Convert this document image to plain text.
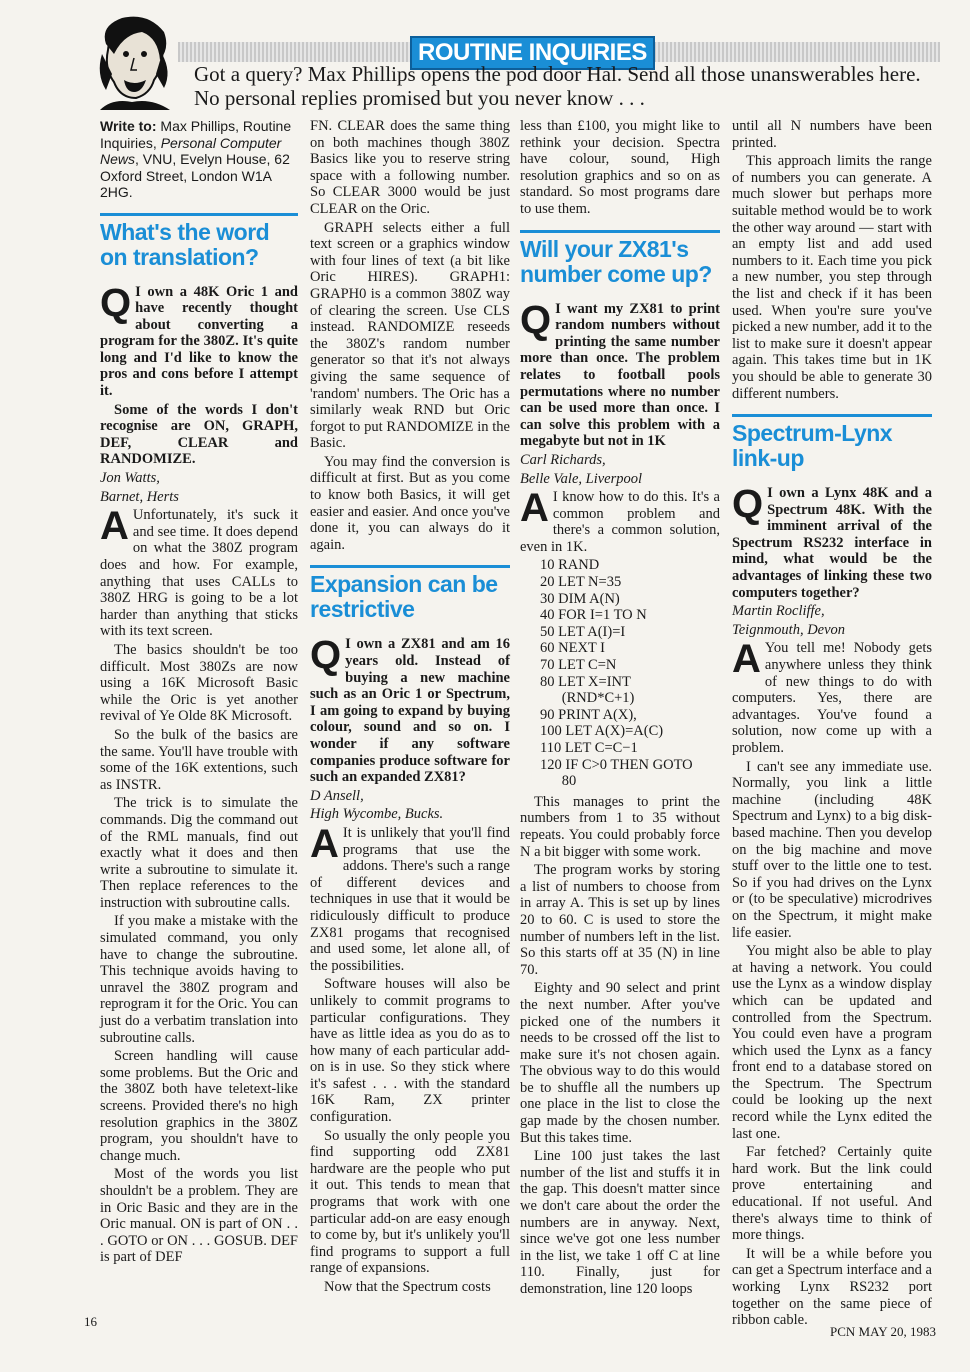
ROUTINE INQUIRIES
Got a query? Max Phillips opens the pod door Hal. Send all those unanswerables here.
No personal replies promised but you never know . . .

Write to: Max Phillips, Routine Inquiries, Personal Computer News, VNU, Evelyn House, 62 Oxford Street, London W1A 2HG.

What's the word on translation?

Q I own a 48K Oric 1 and have recently thought about converting a program for the 380Z. It's quite long and I'd like to know the pros and cons before I attempt it.

Some of the words I don't recognise are ON, GRAPH, DEF, CLEAR and RANDOMIZE.

Jon Watts,

Barnet, Herts

A Unfortunately, it's suck it and see time. It does depend on what the 380Z program does and how. For example, anything that uses CALLs to 380Z HRG is going to be a lot harder than anything that sticks with its text screen.

The basics shouldn't be too difficult. Most 380Zs are now using a 16K Microsoft Basic while the Oric is yet another revival of Ye Olde 8K Microsoft.

So the bulk of the basics are the same. You'll have trouble with some of the 16K extentions, such as INSTR.

The trick is to simulate the commands. Dig the command out of the RML manuals, find out exactly what it does and then write a subroutine to simulate it. Then replace references to the instruction with subroutine calls.

If you make a mistake with the simulated command, you only have to change the subroutine. This technique avoids having to unravel the 380Z program and reprogram it for the Oric. You can just do a verbatim translation into subroutine calls.

Screen handling will cause some problems. But the Oric and the 380Z both have teletext-like screens. Provided there's no high resolution graphics in the 380Z program, you shouldn't have to change much.

Most of the words you list shouldn't be a problem. They are in Oric Basic and they are in the Oric manual. ON is part of ON . . . GOTO or ON . . . GOSUB. DEF is part of DEF

FN. CLEAR does the same thing on both machines though 380Z Basics like you to reserve string space with a following number. So CLEAR 3000 would be just CLEAR on the Oric.

GRAPH selects either a full text screen or a graphics window with four lines of text (a bit like Oric HIRES). GRAPH1: GRAPH0 is a common 380Z way of clearing the screen. Use CLS instead. RANDOMIZE reseeds the 380Z's random number generator so that it's not always giving the same sequence of 'random' numbers. The Oric has a similarly weak RND but Oric forgot to put RANDOMIZE in the Basic.

You may find the conversion is difficult at first. But as you come to know both Basics, it will get easier and easier. And once you've done it, you can always do it again.

Expansion can be restrictive

Q I own a ZX81 and am 16 years old. Instead of buying a new machine such as an Oric 1 or Spectrum, I am going to expand by buying colour, sound and so on. I wonder if any software companies produce software for such an expanded ZX81?

D Ansell,

High Wycombe, Bucks.

A It is unlikely that you'll find programs that use the addons. There's such a range of different devices and techniques in use that it would be ridiculously difficult to produce ZX81 progams that recognised and used some, let alone all, of the possibilities.

Software houses will also be unlikely to commit programs to particular configurations. They have as little idea as you do as to how many of each particular add-on is in use. So they stick where it's safest . . . with the standard 16K Ram, ZX printer configuration.

So usually the only people you find supporting odd ZX81 hardware are the people who put it out. This tends to mean that programs that work with one particular add-on are easy enough to come by, but it's unlikely you'll find programs to support a full range of expansions.

Now that the Spectrum costs

less than £100, you might like to rethink your decision. Spectra have colour, sound, High resolution graphics and so on as standard. So most programs dare to use them.

Will your ZX81's number come up?

Q I want my ZX81 to print random numbers without printing the same number more than once. The problem relates to football pools permutations where no number can be used more than once. I can solve this problem with a megabyte but not in 1K

Carl Richards,

Belle Vale, Liverpool

A I know how to do this. It's a common problem and there's a common solution, even in 1K.

10 RAND
20 LET N=35
30 DIM A(N)
40 FOR I=1 TO N
50 LET A(I)=I
60 NEXT I
70 LET C=N
80 LET X=INT
(RND*C+1)
90 PRINT A(X),
100 LET A(X)=A(C)
110 LET C=C−1
120 IF C>0 THEN GOTO
80

This manages to print the numbers from 1 to 35 without repeats. You could probably force N a bit bigger with some work.

The program works by storing a list of numbers to choose from in array A. This is set up by lines 20 to 60. C is used to store the number of numbers left in the list. So this starts off at 35 (N) in line 70.

Eighty and 90 select and print the next number. After you've picked one of the numbers it needs to be crossed off the list to make sure it's not chosen again. The obvious way to do this would be to shuffle all the numbers up one place in the list to close the gap made by the chosen number. But this takes time.

Line 100 just takes the last number of the list and stuffs it in the gap. This doesn't matter since we don't care about the order the numbers are in anyway. Next, since we've got one less number in the list, we take 1 off C at line 110. Finally, just for demonstration, line 120 loops

until all N numbers have been printed.

This approach limits the range of numbers you can generate. A much slower but perhaps more suitable method would be to work the other way around — start with an empty list and add used numbers to it. Each time you pick a new number, you step through the list and check if it has been used. When you're sure you've picked a new number, add it to the list to make sure it doesn't appear again. This takes time but in 1K you should be able to generate 30 different numbers.

Spectrum-Lynx link-up

Q I own a Lynx 48K and a Spectrum 48K. With the imminent arrival of the Spectrum RS232 interface in mind, what would be the advantages of linking these two computers together?

Martin Rocliffe,

Teignmouth, Devon

A You tell me! Nobody gets anywhere unless they think of new things to do with computers. Yes, there are advantages. You've found a solution, now come up with a problem.

I can't see any immediate use. Normally, you link a little machine (including 48K Spectrum and Lynx) to a big disk-based machine. Then you develop on the big machine and move stuff over to the little one to test. So if you had drives on the Lynx or (to be speculative) microdrives on the Spectrum, it might make life easier.

You might also be able to play at having a network. You could use the Lynx as a window display which can be updated and controlled from the Spectrum. You could even have a program which used the Lynx as a fancy front end to a database stored on the Spectrum. The Spectrum could be looking up the next record while the Lynx edited the last one.

Far fetched? Certainly quite hard work. But the link could prove entertaining and educational. If not useful. And there's always time to think of more things.

It will be a while before you can get a Spectrum interface and a working Lynx RS232 port together on the same piece of ribbon cable.

16
PCN MAY 20, 1983
